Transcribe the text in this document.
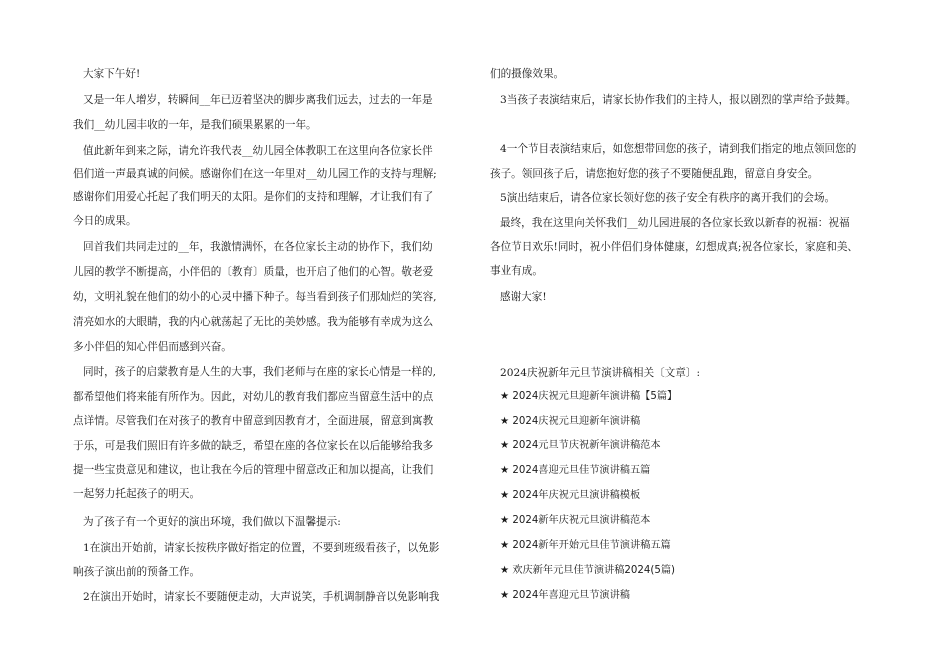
大家下午好!
又是一年人增岁，转瞬间__年已迈着坚决的脚步离我们远去，过去的一年是
我们__幼儿园丰收的一年，是我们硕果累累的一年。
值此新年到来之际，请允许我代表__幼儿园全体教职工在这里向各位家长伴
侣们道一声最真诚的问候。感谢你们在这一年里对__幼儿园工作的支持与理解;
感谢你们用爱心托起了我们明天的太阳。是你们的支持和理解，才让我们有了
今日的成果。
回首我们共同走过的__年，我激情满怀，在各位家长主动的协作下，我们幼
儿园的教学不断提高，小伴侣的〔教育〕质量，也开启了他们的心智。敬老爱
幼，文明礼貌在他们的幼小的心灵中播下种子。每当看到孩子们那灿烂的笑容,
清亮如水的大眼睛，我的内心就荡起了无比的美妙感。我为能够有幸成为这么
多小伴侣的知心伴侣而感到兴奋。
同时，孩子的启蒙教育是人生的大事，我们老师与在座的家长心情是一样的,
都希望他们将来能有所作为。因此，对幼儿的教育我们都应当留意生活中的点
点详情。尽管我们在对孩子的教育中留意到因教育才，全面进展，留意到寓教
于乐，可是我们照旧有许多做的缺乏，希望在座的各位家长在以后能够给我多
提一些宝贵意见和建议，也让我在今后的管理中留意改正和加以提高，让我们
一起努力托起孩子的明天。
为了孩子有一个更好的演出环境，我们做以下温馨提示:
1在演出开始前，请家长按秩序做好指定的位置，不要到班级看孩子，以免影
响孩子演出前的预备工作。
2在演出开始时，请家长不要随便走动，大声说笑，手机调制静音以免影响我
们的摄像效果。
3当孩子表演结束后，请家长协作我们的主持人，报以剧烈的掌声给予鼓舞。
4一个节目表演结束后，如您想带回您的孩子，请到我们指定的地点领回您的
孩子。领回孩子后，请您抱好您的孩子不要随便乱跑，留意自身安全。
5演出结束后，请各位家长领好您的孩子安全有秩序的离开我们的会场。
最终，我在这里向关怀我们__幼儿园进展的各位家长致以新春的祝福：祝福
各位节日欢乐!同时，祝小伴侣们身体健康，幻想成真;祝各位家长，家庭和美、
事业有成。
感谢大家!
2024庆祝新年元旦节演讲稿相关〔文章〕:
★ 2024庆祝元旦迎新年演讲稿【5篇】
★ 2024庆祝元旦迎新年演讲稿
★ 2024元旦节庆祝新年演讲稿范本
★ 2024喜迎元旦佳节演讲稿五篇
★ 2024年庆祝元旦演讲稿模板
★ 2024新年庆祝元旦演讲稿范本
★ 2024新年开始元旦佳节演讲稿五篇
★ 欢庆新年元旦佳节演讲稿2024(5篇)
★ 2024年喜迎元旦节演讲稿
